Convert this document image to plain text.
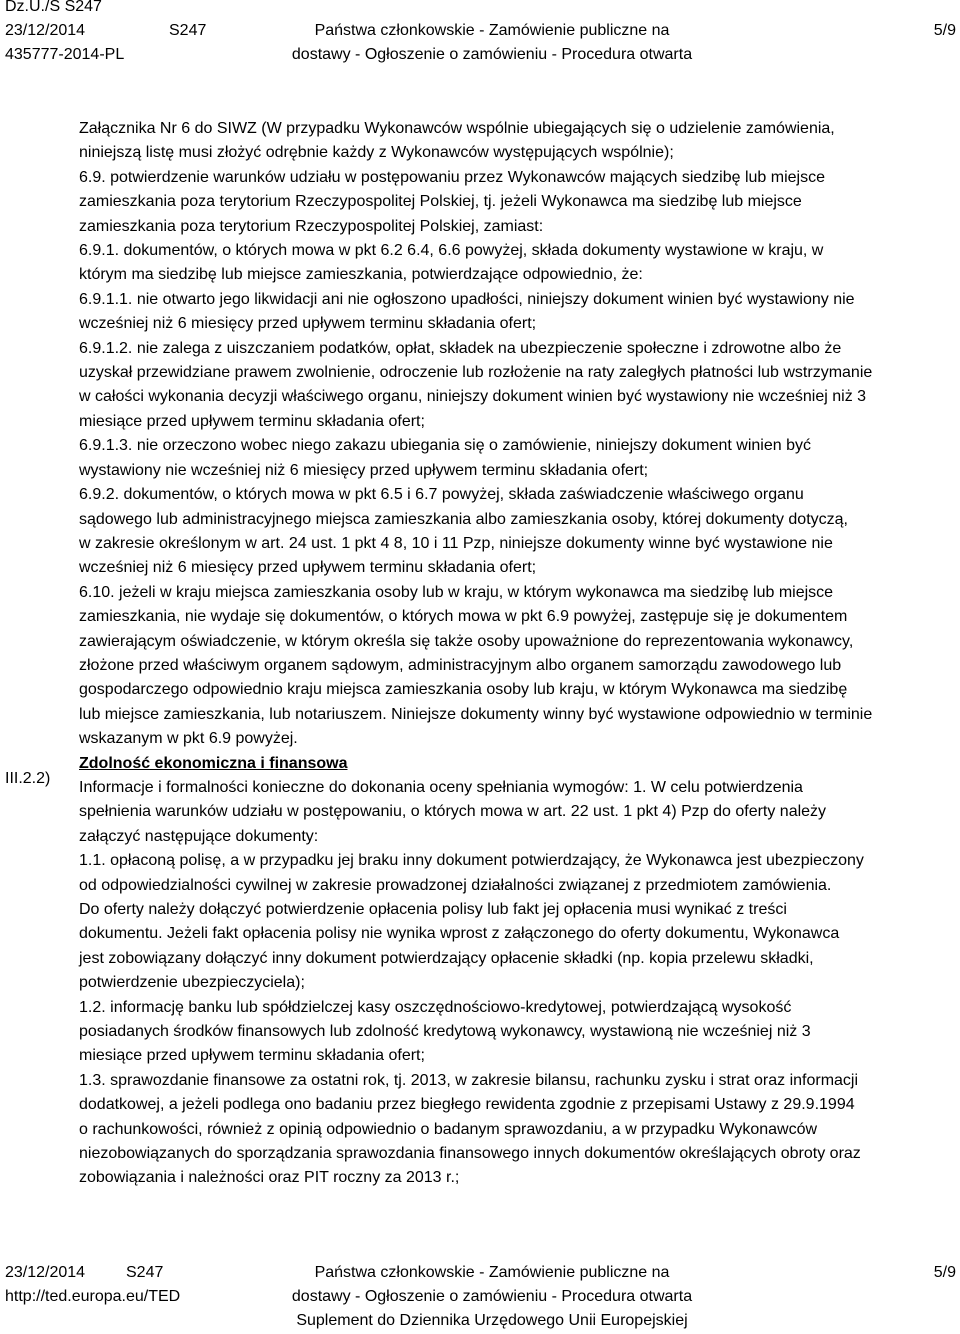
Dz.U./S S247
23/12/2014
435777-2014-PL
S247	Państwa członkowskie - Zamówienie publiczne na
dostawy - Ogłoszenie o zamówieniu - Procedura otwarta
5/9
III.2.2)

Załącznika Nr 6 do SIWZ (W przypadku Wykonawców wspólnie ubiegających się o udzielenie zamówienia,

niniejszą listę musi złożyć odrębnie każdy z Wykonawców występujących wspólnie);

6.9. potwierdzenie warunków udziału w postępowaniu przez Wykonawców mających siedzibę lub miejsce

zamieszkania poza terytorium Rzeczypospolitej Polskiej, tj. jeżeli Wykonawca ma siedzibę lub miejsce

zamieszkania poza terytorium Rzeczypospolitej Polskiej, zamiast:

6.9.1. dokumentów, o których mowa w pkt 6.2 6.4, 6.6 powyżej, składa dokumenty wystawione w kraju, w

którym ma siedzibę lub miejsce zamieszkania, potwierdzające odpowiednio, że:

6.9.1.1. nie otwarto jego likwidacji ani nie ogłoszono upadłości, niniejszy dokument winien być wystawiony nie

wcześniej niż 6 miesięcy przed upływem terminu składania ofert;

6.9.1.2. nie zalega z uiszczaniem podatków, opłat, składek na ubezpieczenie społeczne i zdrowotne albo że

uzyskał przewidziane prawem zwolnienie, odroczenie lub rozłożenie na raty zaległych płatności lub wstrzymanie

w całości wykonania decyzji właściwego organu, niniejszy dokument winien być wystawiony nie wcześniej niż 3

miesiące przed upływem terminu składania ofert;

6.9.1.3. nie orzeczono wobec niego zakazu ubiegania się o zamówienie, niniejszy dokument winien być

wystawiony nie wcześniej niż 6 miesięcy przed upływem terminu składania ofert;

6.9.2. dokumentów, o których mowa w pkt 6.5 i 6.7 powyżej, składa zaświadczenie właściwego organu

sądowego lub administracyjnego miejsca zamieszkania albo zamieszkania osoby, której dokumenty dotyczą,

w zakresie określonym w art. 24 ust. 1 pkt 4 8, 10 i 11 Pzp, niniejsze dokumenty winne być wystawione nie

wcześniej niż 6 miesięcy przed upływem terminu składania ofert;

6.10. jeżeli w kraju miejsca zamieszkania osoby lub w kraju, w którym wykonawca ma siedzibę lub miejsce

zamieszkania, nie wydaje się dokumentów, o których mowa w pkt 6.9 powyżej, zastępuje się je dokumentem

zawierającym oświadczenie, w którym określa się także osoby upoważnione do reprezentowania wykonawcy,

złożone przed właściwym organem sądowym, administracyjnym albo organem samorządu zawodowego lub

gospodarczego odpowiednio kraju miejsca zamieszkania osoby lub kraju, w którym Wykonawca ma siedzibę

lub miejsce zamieszkania, lub notariuszem. Niniejsze dokumenty winny być wystawione odpowiednio w terminie

wskazanym w pkt 6.9 powyżej.

Zdolność ekonomiczna i finansowa

Informacje i formalności konieczne do dokonania oceny spełniania wymogów: 1. W celu potwierdzenia

spełnienia warunków udziału w postępowaniu, o których mowa w art. 22 ust. 1 pkt 4) Pzp do oferty należy

załączyć następujące dokumenty:

1.1. opłaconą polisę, a w przypadku jej braku inny dokument potwierdzający, że Wykonawca jest ubezpieczony

od odpowiedzialności cywilnej w zakresie prowadzonej działalności związanej z przedmiotem zamówienia.

Do oferty należy dołączyć potwierdzenie opłacenia polisy lub fakt jej opłacenia musi wynikać z treści

dokumentu. Jeżeli fakt opłacenia polisy nie wynika wprost z załączonego do oferty dokumentu, Wykonawca

jest zobowiązany dołączyć inny dokument potwierdzający opłacenie składki (np. kopia przelewu składki,

potwierdzenie ubezpieczyciela);

1.2. informację banku lub spółdzielczej kasy oszczędnościowo-kredytowej, potwierdzającą wysokość

posiadanych środków finansowych lub zdolność kredytową wykonawcy, wystawioną nie wcześniej niż 3

miesiące przed upływem terminu składania ofert;

1.3. sprawozdanie finansowe za ostatni rok, tj. 2013, w zakresie bilansu, rachunku zysku i strat oraz informacji

dodatkowej, a jeżeli podlega ono badaniu przez biegłego rewidenta zgodnie z przepisami Ustawy z 29.9.1994

o rachunkowości, również z opinią odpowiednio o badanym sprawozdaniu, a w przypadku Wykonawców

niezobowiązanych do sporządzania sprawozdania finansowego innych dokumentów określających obroty oraz

zobowiązania i należności oraz PIT roczny za 2013 r.;

23/12/2014
http://ted.europa.eu/TED
S247	Państwa członkowskie - Zamówienie publiczne na
dostawy - Ogłoszenie o zamówieniu - Procedura otwarta
Suplement do Dziennika Urzędowego Unii Europejskiej
5/9
